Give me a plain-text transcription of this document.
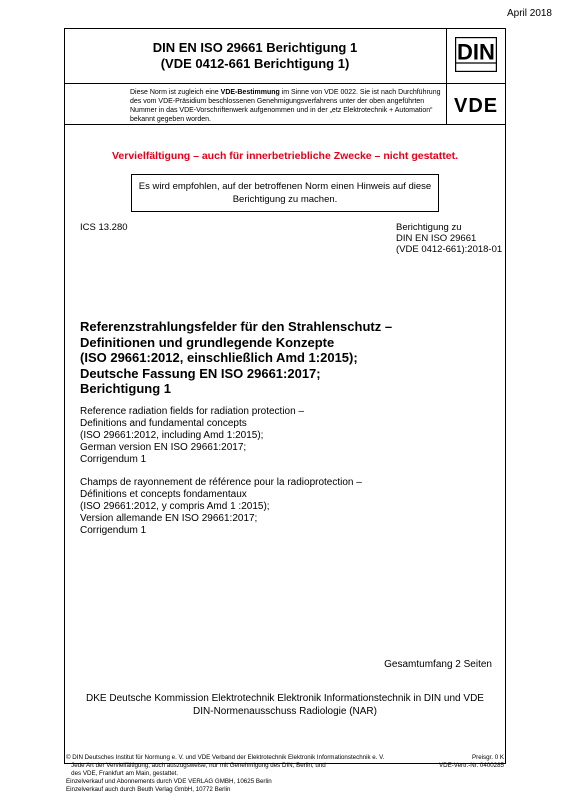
April 2018
DIN EN ISO 29661 Berichtigung 1
(VDE 0412-661 Berichtigung 1)	DIN
VDE
Diese Norm ist zugleich eine VDE-Bestimmung im Sinne von VDE 0022. Sie ist nach Durchführung des vom VDE-Präsidium beschlossenen Genehmigungsverfahrens unter der oben angeführten Nummer in das VDE-Vorschriftenwerk aufgenommen und in der „etz Elektrotechnik + Automation“ bekannt gegeben worden.
Vervielfältigung – auch für innerbetriebliche Zwecke – nicht gestattet.
Es wird empfohlen, auf der betroffenen Norm einen Hinweis auf diese
Berichtigung zu machen.
ICS 13.280	Berichtigung zu
DIN EN ISO 29661
(VDE 0412-661):2018-01
Referenzstrahlungsfelder für den Strahlenschutz –
Definitionen und grundlegende Konzepte
(ISO 29661:2012, einschließlich Amd 1:2015);
Deutsche Fassung EN ISO 29661:2017;
Berichtigung 1
Reference radiation fields for radiation protection –
Definitions and fundamental concepts
(ISO 29661:2012, including Amd 1:2015);
German version EN ISO 29661:2017;
Corrigendum 1
Champs de rayonnement de référence pour la radioprotection –
Définitions et concepts fondamentaux
(ISO 29661:2012, y compris Amd 1 :2015);
Version allemande EN ISO 29661:2017;
Corrigendum 1
Gesamtumfang 2 Seiten
DKE Deutsche Kommission Elektrotechnik Elektronik Informationstechnik in DIN und VDE
DIN-Normenausschuss Radiologie (NAR)
© DIN Deutsches Institut für Normung e. V. und VDE Verband der Elektrotechnik Elektronik Informationstechnik e. V.
Jede Art der Vervielfältigung, auch auszugsweise, nur mit Genehmigung des DIN, Berlin, und
des VDE, Frankfurt am Main, gestattet.
Einzelverkauf und Abonnements durch VDE VERLAG GMBH, 10625 Berlin
Einzelverkauf auch durch Beuth Verlag GmbH, 10772 Berlin
Preisgr. 0 K
VDE-Vertr.-Nr. 0400285
